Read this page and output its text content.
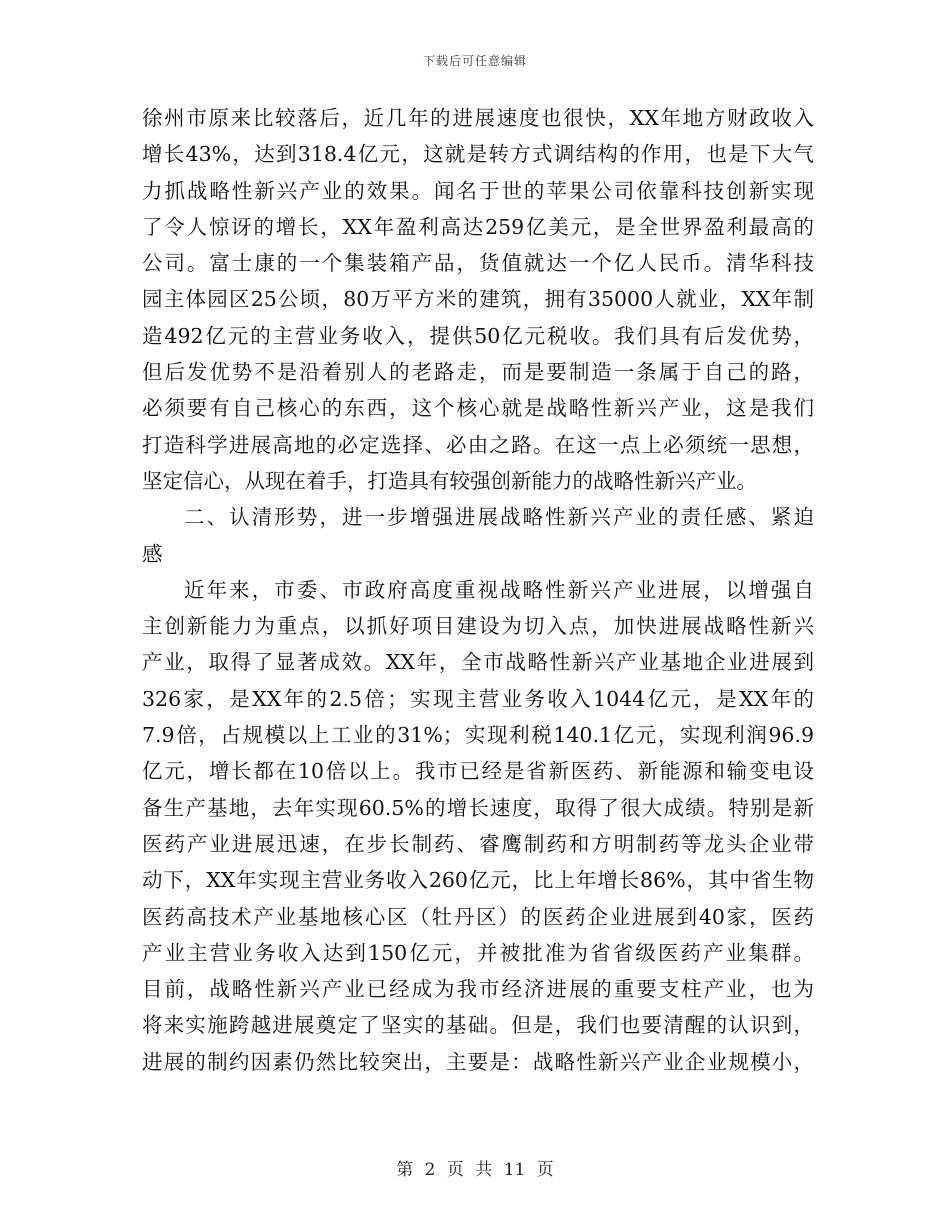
下载后可任意编辑
徐州市原来比较落后，近几年的进展速度也很快，XX年地方财政收入
增长43%，达到318.4亿元，这就是转方式调结构的作用，也是下大气
力抓战略性新兴产业的效果。闻名于世的苹果公司依靠科技创新实现
了令人惊讶的增长，XX年盈利高达259亿美元，是全世界盈利最高的
公司。富士康的一个集装箱产品，货值就达一个亿人民币。清华科技
园主体园区25公顷，80万平方米的建筑，拥有35000人就业，XX年制
造492亿元的主营业务收入，提供50亿元税收。我们具有后发优势，
但后发优势不是沿着别人的老路走，而是要制造一条属于自己的路，
必须要有自己核心的东西，这个核心就是战略性新兴产业，这是我们
打造科学进展高地的必定选择、必由之路。在这一点上必须统一思想，
坚定信心，从现在着手，打造具有较强创新能力的战略性新兴产业。
二、认清形势，进一步增强进展战略性新兴产业的责任感、紧迫
感
近年来，市委、市政府高度重视战略性新兴产业进展，以增强自
主创新能力为重点，以抓好项目建设为切入点，加快进展战略性新兴
产业，取得了显著成效。XX年，全市战略性新兴产业基地企业进展到
326家，是XX年的2.5倍；实现主营业务收入1044亿元，是XX年的
7.9倍，占规模以上工业的31%；实现利税140.1亿元，实现利润96.9
亿元，增长都在10倍以上。我市已经是省新医药、新能源和输变电设
备生产基地，去年实现60.5%的增长速度，取得了很大成绩。特别是新
医药产业进展迅速，在步长制药、睿鹰制药和方明制药等龙头企业带
动下，XX年实现主营业务收入260亿元，比上年增长86%，其中省生物
医药高技术产业基地核心区（牡丹区）的医药企业进展到40家，医药
产业主营业务收入达到150亿元，并被批准为省省级医药产业集群。
目前，战略性新兴产业已经成为我市经济进展的重要支柱产业，也为
将来实施跨越进展奠定了坚实的基础。但是，我们也要清醒的认识到，
进展的制约因素仍然比较突出，主要是：战略性新兴产业企业规模小，
第 2 页 共 11 页
